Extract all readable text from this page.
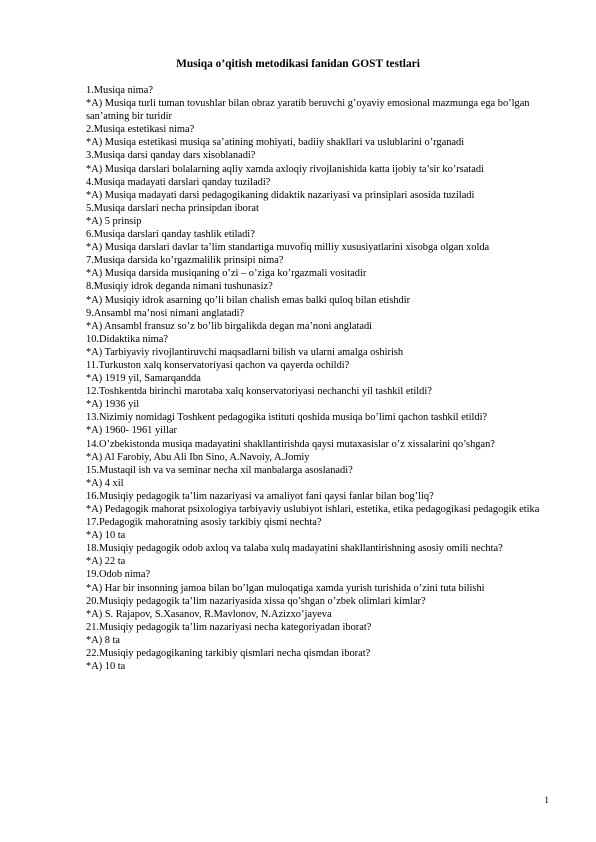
Musiqa o’qitish metodikasi fanidan GOST testlari
1.Musiqa nima?
*A) Musiqa turli tuman tovushlar bilan obraz yaratib beruvchi g’oyaviy emosional mazmunga ega bo’lgan san’atning bir turidir
2.Musiqa estetikasi nima?
*A) Musiqa estetikasi musiqa sa’atining mohiyati, badiiy shakllari va uslublarini o’rganadi
3.Musiqa darsi qanday dars xisoblanadi?
*A) Musiqa darslari bolalarning aqliy xamda axloqiy rivojlanishida katta ijobiy ta’sir ko’rsatadi
4.Musiqa madayati darslari qanday tuziladi?
*A) Musiqa madayati darsi pedagogikaning didaktik nazariyasi va prinsiplari asosida tuziladi
5.Musiqa darslari necha prinsipdan iborat
*A) 5 prinsip
6.Musiqa darslari qanday tashlik etiladi?
*A) Musiqa darslari davlar ta’lim standartiga muvofiq milliy xususiyatlarini xisobga olgan xolda
7.Musiqa darsida ko’rgazmalilik prinsipi nima?
*A) Musiqa darsida musiqaning o’zi – o’ziga ko’rgazmali vositadir
8.Musiqiy idrok deganda nimani tushunasiz?
*A) Musiqiy idrok asarning qo’li bilan chalish emas balki quloq bilan etishdir
9.Ansambl ma’nosi nimani anglatadi?
*A) Ansambl fransuz so’z bo’lib birgalikda degan ma’noni anglatadi
10.Didaktika nima?
*A) Tarbiyaviy rivojlantiruvchi maqsadlarni bilish va ularni amalga oshirish
11.Turkuston xalq konservatoriyasi qachon va qayerda ochildi?
*A) 1919 yil, Samarqandda
12.Toshkentda birinchi marotaba xalq konservatoriyasi nechanchi yil tashkil etildi?
*A) 1936 yil
13.Nizimiy nomidagi Toshkent pedagogika istituti qoshida musiqa bo’limi qachon tashkil etildi?
*A) 1960- 1961 yillar
14.O’zbekistonda musiqa madayatini shakllantirishda qaysi mutaxasislar o’z xissalarini qo’shgan?
*A) Al Farobiy, Abu Ali Ibn Sino, A.Navoiy, A.Jomiy
15.Mustaqil ish va va seminar necha xil manbalarga asoslanadi?
*A) 4 xil
16.Musiqiy pedagogik ta’lim nazariyasi va amaliyot fani qaysi fanlar bilan bog’liq?
*A) Pedagogik mahorat psixologiya tarbiyaviy uslubiyot ishlari, estetika, etika pedagogikasi pedagogik etika
17.Pedagogik mahoratning asosiy tarkibiy qismi nechta?
*A) 10 ta
18.Musiqiy pedagogik odob axloq va talaba xulq madayatini shakllantirishning asosiy omili nechta?
*A) 22 ta
19.Odob nima?
*A) Har bir insonning jamoa bilan bo’lgan muloqatiga xamda yurish turishida o’zini tuta bilishi
20.Musiqiy pedagogik ta’lim nazariyasida xissa qo’shgan o’zbek olimlari kimlar?
*A) S. Rajapov, S.Xasanov, R.Mavlonov, N.Azizxo’jayeva
21.Musiqiy pedagogik ta’lim nazariyasi necha kategoriyadan iborat?
*A) 8 ta
22.Musiqiy pedagogikaning tarkibiy qismlari necha qismdan iborat?
*A) 10 ta
1
